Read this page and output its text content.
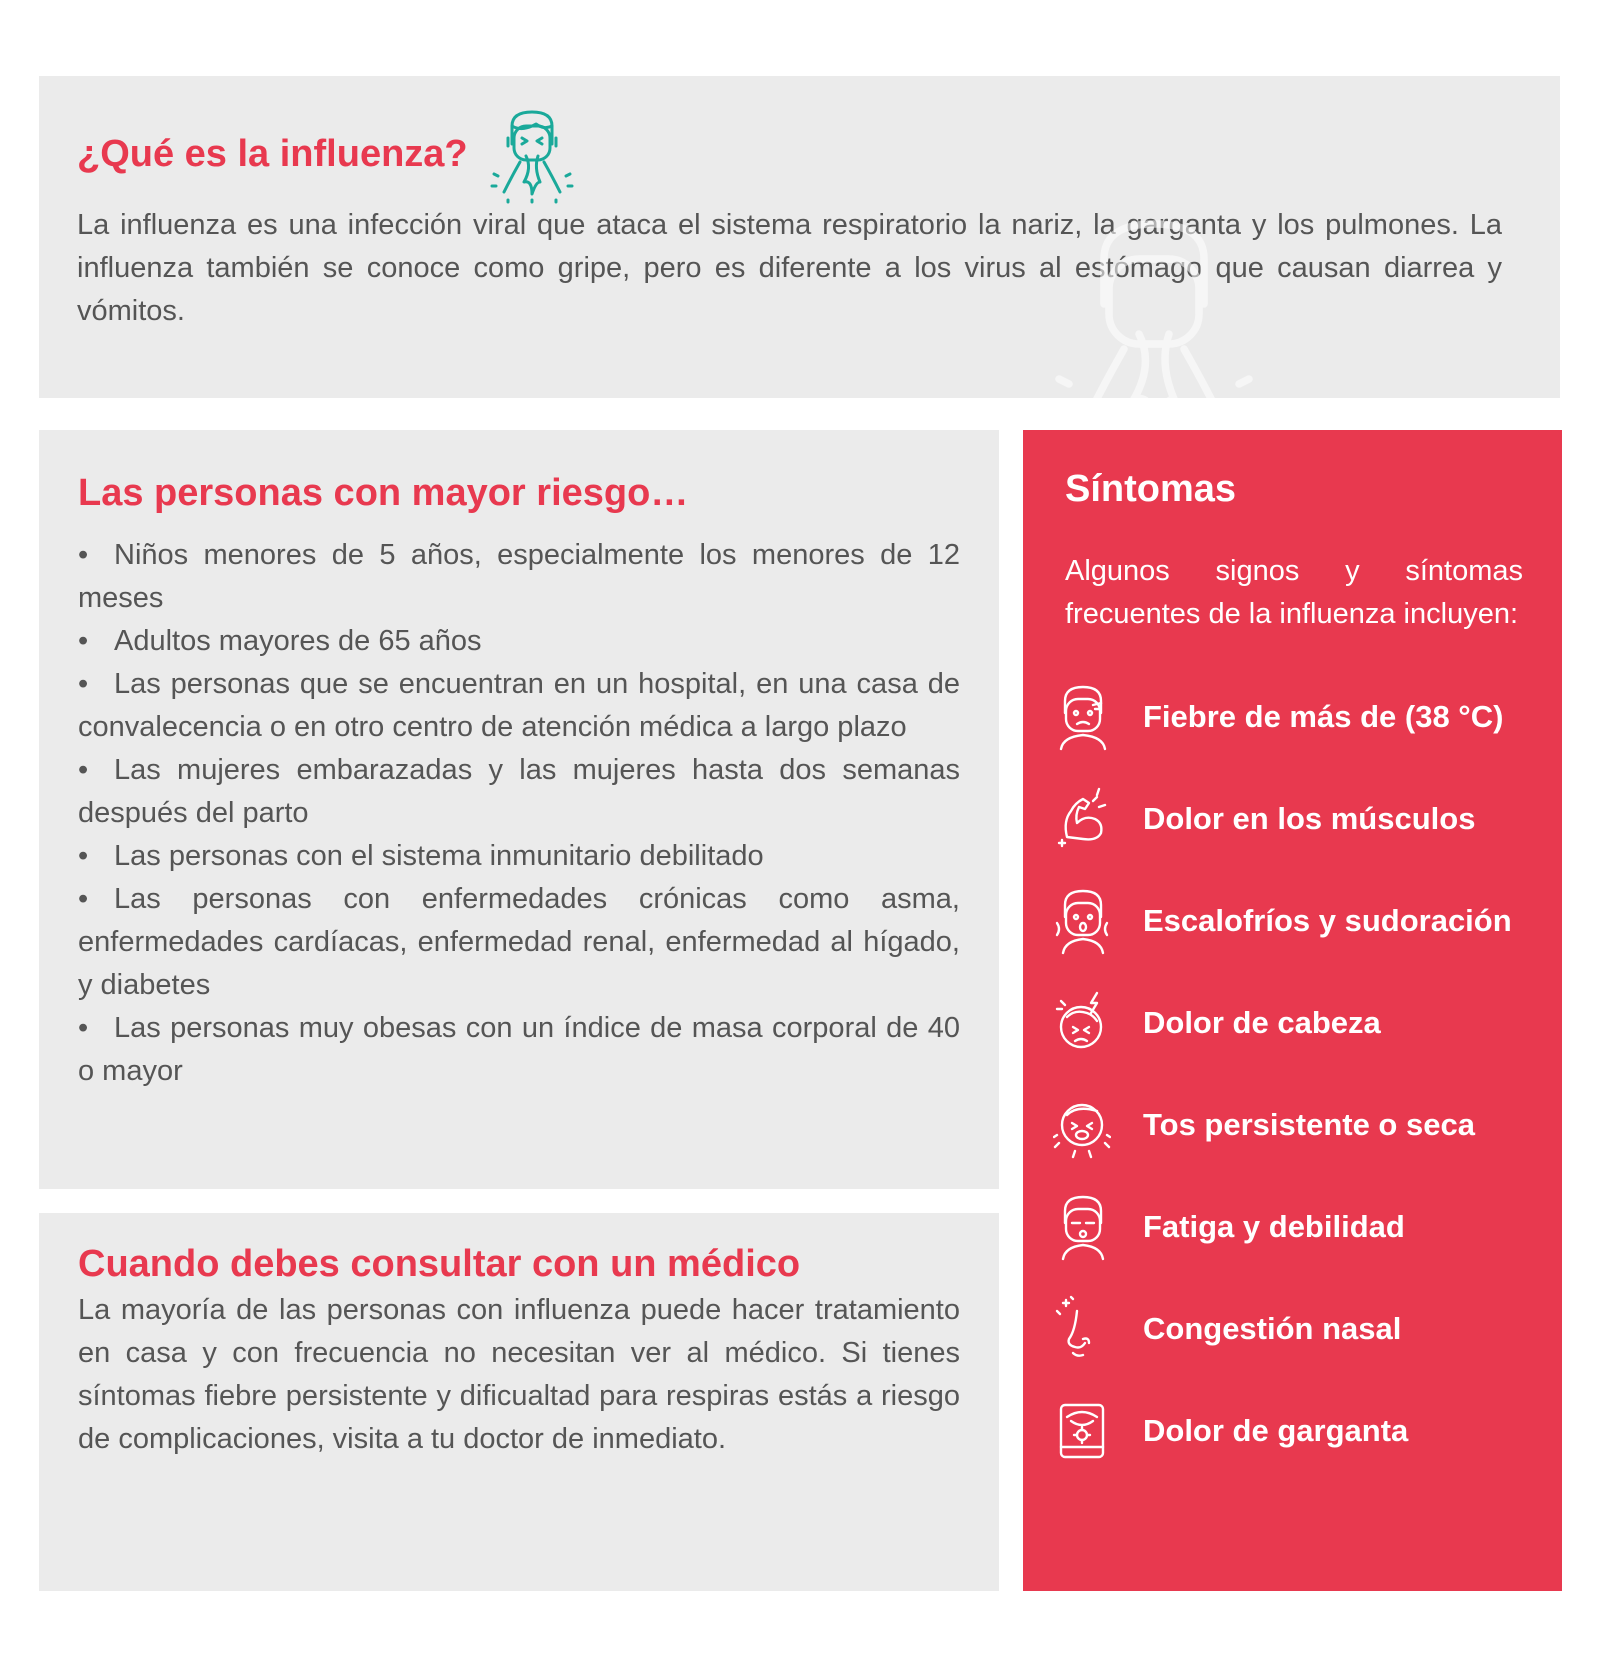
¿Qué es la influenza?

La influenza es una infección viral que ataca el sistema respiratorio la nariz, la garganta y los pulmones. La influenza también se conoce como gripe, pero es diferente a los virus al estómago que causan diarrea y vómitos.

Las personas con mayor riesgo…
• Niños menores de 5 años, especialmente los menores de 12 meses
• Adultos mayores de 65 años
• Las personas que se encuentran en un hospital, en una casa de convalecencia o en otro centro de atención médica a largo plazo
• Las mujeres embarazadas y las mujeres hasta dos semanas después del parto
• Las personas con el sistema inmunitario debilitado
• Las personas con enfermedades crónicas como asma, enfermedades cardíacas, enfermedad renal, enfermedad al hígado, y diabetes
• Las personas muy obesas con un índice de masa corporal de 40 o mayor
Cuando debes consultar con un médico

La mayoría de las personas con influenza puede hacer tratamiento en casa y con frecuencia no necesitan ver al médico. Si tienes síntomas fiebre persistente y dificualtad para respiras estás a riesgo de complicaciones, visita a tu doctor de inmediato.

Síntomas

Algunos signos y síntomas frecuentes de la influenza incluyen:

Fiebre de más de (38 °C)
Dolor en los músculos
Escalofríos y sudoración
Dolor de cabeza
Tos persistente o seca
Fatiga y debilidad
Congestión nasal
Dolor de garganta
